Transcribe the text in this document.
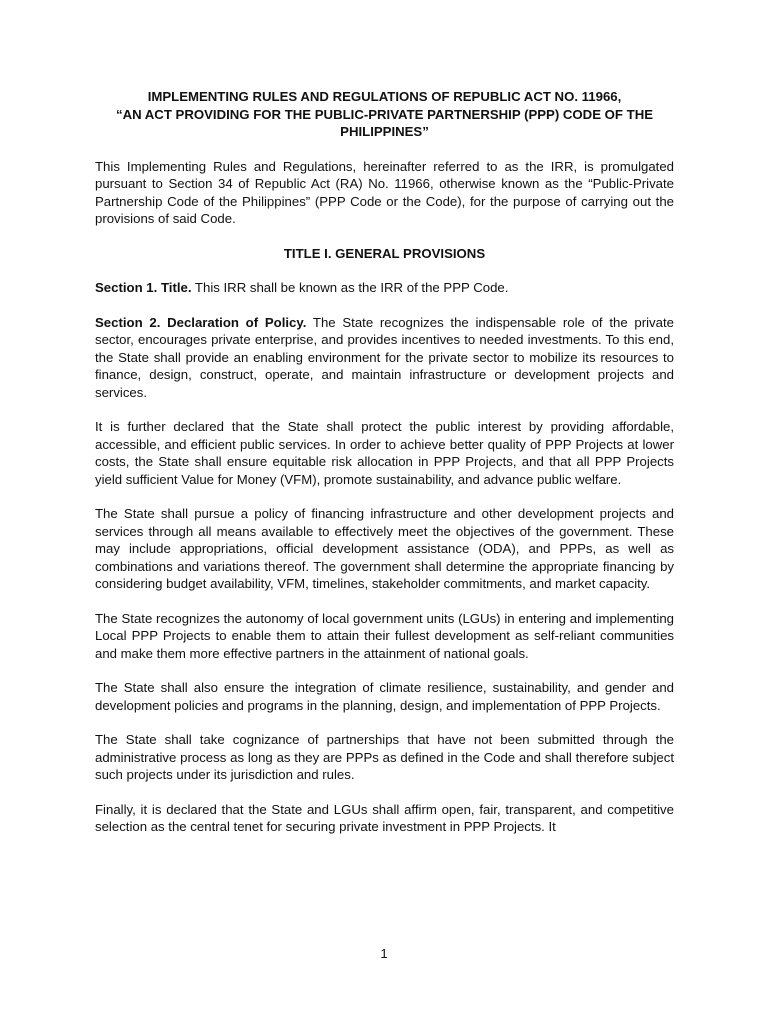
IMPLEMENTING RULES AND REGULATIONS OF REPUBLIC ACT NO. 11966,
“AN ACT PROVIDING FOR THE PUBLIC-PRIVATE PARTNERSHIP (PPP) CODE OF THE
PHILIPPINES”

This Implementing Rules and Regulations, hereinafter referred to as the IRR, is promulgated pursuant to Section 34 of Republic Act (RA) No. 11966, otherwise known as the “Public-Private Partnership Code of the Philippines” (PPP Code or the Code), for the purpose of carrying out the provisions of said Code.

TITLE I. GENERAL PROVISIONS

Section 1. Title. This IRR shall be known as the IRR of the PPP Code.

Section 2. Declaration of Policy. The State recognizes the indispensable role of the private sector, encourages private enterprise, and provides incentives to needed investments. To this end, the State shall provide an enabling environment for the private sector to mobilize its resources to finance, design, construct, operate, and maintain infrastructure or development projects and services.

It is further declared that the State shall protect the public interest by providing affordable, accessible, and efficient public services. In order to achieve better quality of PPP Projects at lower costs, the State shall ensure equitable risk allocation in PPP Projects, and that all PPP Projects yield sufficient Value for Money (VFM), promote sustainability, and advance public welfare.

The State shall pursue a policy of financing infrastructure and other development projects and services through all means available to effectively meet the objectives of the government. These may include appropriations, official development assistance (ODA), and PPPs, as well as combinations and variations thereof. The government shall determine the appropriate financing by considering budget availability, VFM, timelines, stakeholder commitments, and market capacity.

The State recognizes the autonomy of local government units (LGUs) in entering and implementing Local PPP Projects to enable them to attain their fullest development as self-reliant communities and make them more effective partners in the attainment of national goals.

The State shall also ensure the integration of climate resilience, sustainability, and gender and development policies and programs in the planning, design, and implementation of PPP Projects.

The State shall take cognizance of partnerships that have not been submitted through the administrative process as long as they are PPPs as defined in the Code and shall therefore subject such projects under its jurisdiction and rules.

Finally, it is declared that the State and LGUs shall affirm open, fair, transparent, and competitive selection as the central tenet for securing private investment in PPP Projects. It

1
